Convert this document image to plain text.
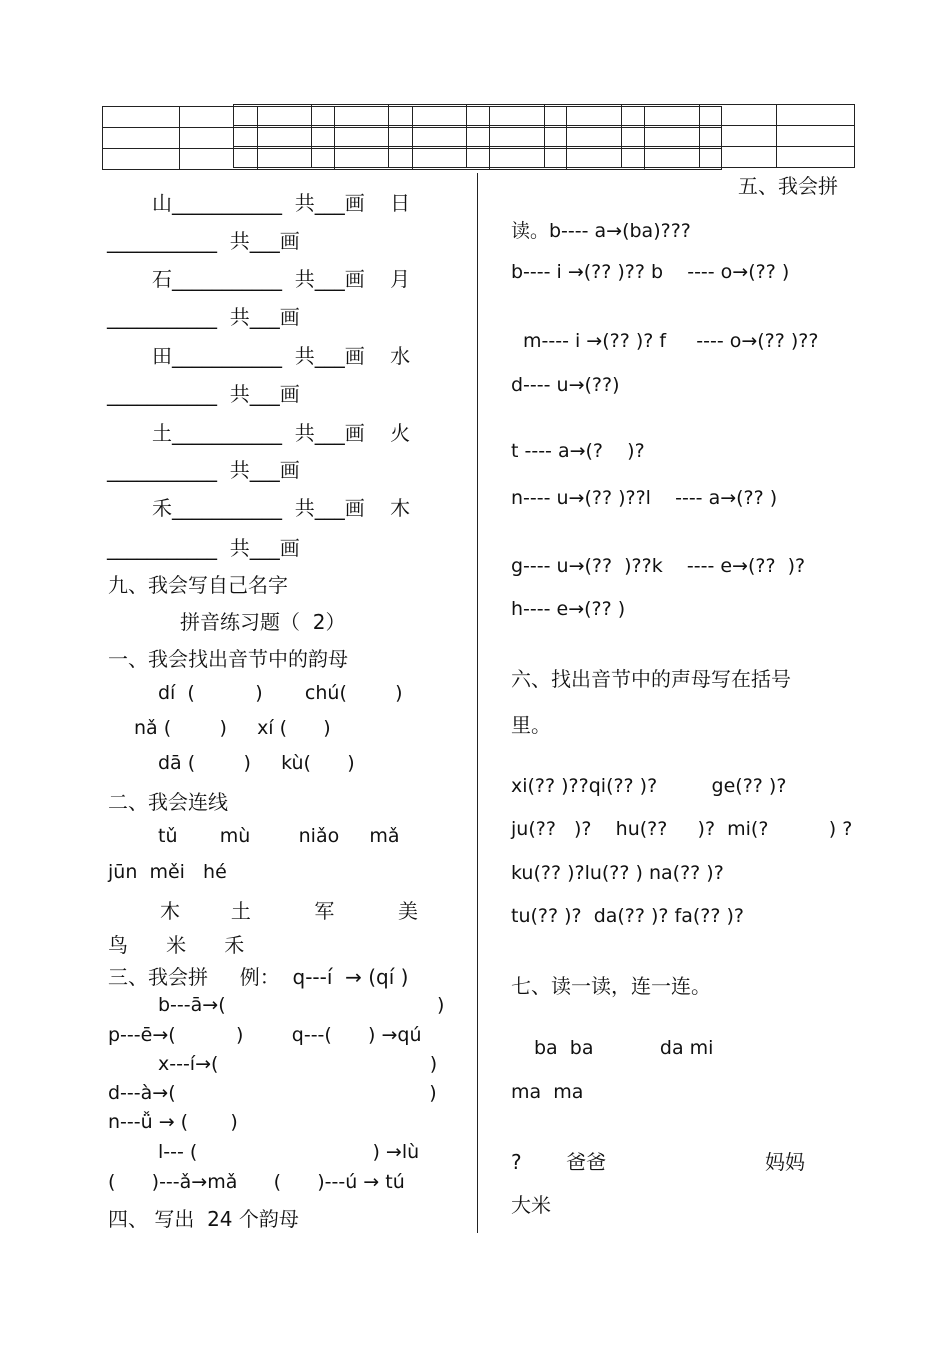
山___________  共___画    日
___________  共___画
石___________  共___画    月
___________  共___画
田___________  共___画    水
___________  共___画
土___________  共___画    火
___________  共___画
禾___________  共___画    木
___________  共___画
九、我会写自己名字
拼音练习题（  2）
一、我会找出音节中的韵母
dí  (          )       chú(        )
nǎ (        )     xí (      )
dā (        )     kù(      )
二、我会连线
tǔ       mù        niǎo     mǎ
jūn  měi   hé
木        土          军          美
鸟      米      禾
三、我会拼     例：  q---í  → (qí )
b---ā→(                                   )
p---ē→(          )        q---(      ) →qú
x---í→(                                   )
d---à→(                                          )
n---ǚ → (       )
l--- (                             ) →lù
(      )---ǎ→mǎ      (      )---ú → tú
四、 写出  24 个韵母
五、我会拼
读。b---- a→(ba)???
b---- i →(?? )?? b    ---- o→(?? )
m---- i →(?? )? f     ---- o→(?? )??
d---- u→(??)
t ---- a→(?    )?
n---- u→(?? )??l    ---- a→(?? )
g---- u→(??  )??k    ---- e→(??  )?
h---- e→(?? )
六、找出音节中的声母写在括号
里。
xi(?? )??qi(?? )?         ge(?? )?
ju(??   )?    hu(??     )?  mi(?          ) ?
ku(?? )?lu(?? ) na(?? )?
tu(?? )?  da(?? )? fa(?? )?
七、读一读，连一连。
ba  ba           da mi
ma  ma
?       爸爸                         妈妈
大米
